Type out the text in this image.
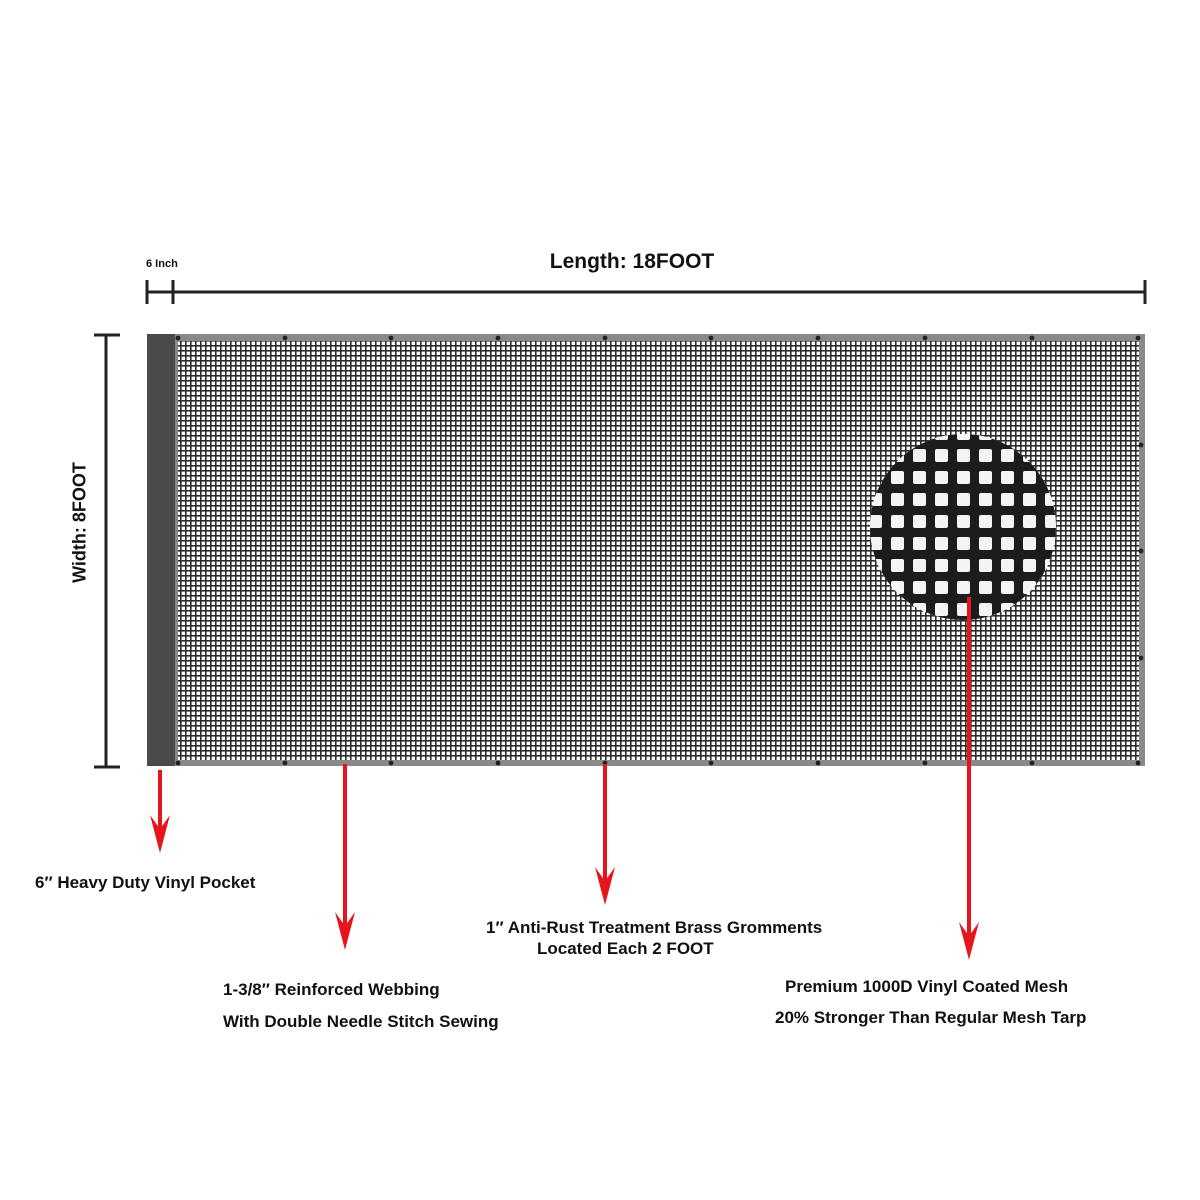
6 Inch	Length: 18FOOT
Width: 8FOOT
6″ Heavy Duty Vinyl Pocket
1-3/8″ Reinforced Webbing
With Double Needle Stitch Sewing
1″ Anti-Rust Treatment Brass Gromments
Located Each 2 FOOT
Premium 1000D Vinyl Coated Mesh
20% Stronger Than Regular Mesh Tarp
